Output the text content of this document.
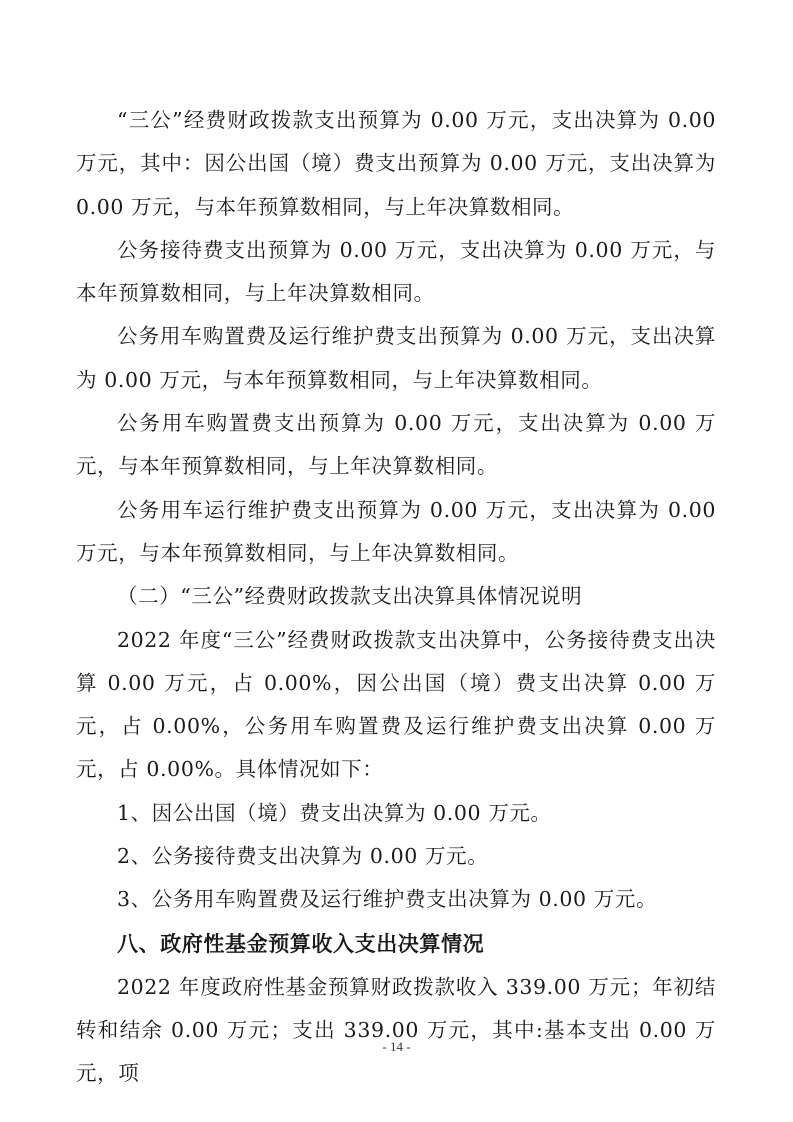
“三公”经费财政拨款支出预算为 0.00 万元，支出决算为 0.00 万元，其中：因公出国（境）费支出预算为 0.00 万元，支出决算为 0.00 万元，与本年预算数相同，与上年决算数相同。

公务接待费支出预算为 0.00 万元，支出决算为 0.00 万元，与本年预算数相同，与上年决算数相同。

公务用车购置费及运行维护费支出预算为 0.00 万元，支出决算为 0.00 万元，与本年预算数相同，与上年决算数相同。

公务用车购置费支出预算为 0.00 万元，支出决算为 0.00 万元，与本年预算数相同，与上年决算数相同。

公务用车运行维护费支出预算为 0.00 万元，支出决算为 0.00 万元，与本年预算数相同，与上年决算数相同。

（二）“三公”经费财政拨款支出决算具体情况说明

2022 年度“三公”经费财政拨款支出决算中，公务接待费支出决算 0.00 万元，占 0.00%，因公出国（境）费支出决算 0.00 万元，占 0.00%，公务用车购置费及运行维护费支出决算 0.00 万元，占 0.00%。具体情况如下：

1、因公出国（境）费支出决算为 0.00 万元。

2、公务接待费支出决算为 0.00 万元。

3、公务用车购置费及运行维护费支出决算为 0.00 万元。

八、政府性基金预算收入支出决算情况

2022 年度政府性基金预算财政拨款收入 339.00 万元；年初结转和结余 0.00 万元；支出 339.00 万元，其中:基本支出 0.00 万元，项

- 14 -
